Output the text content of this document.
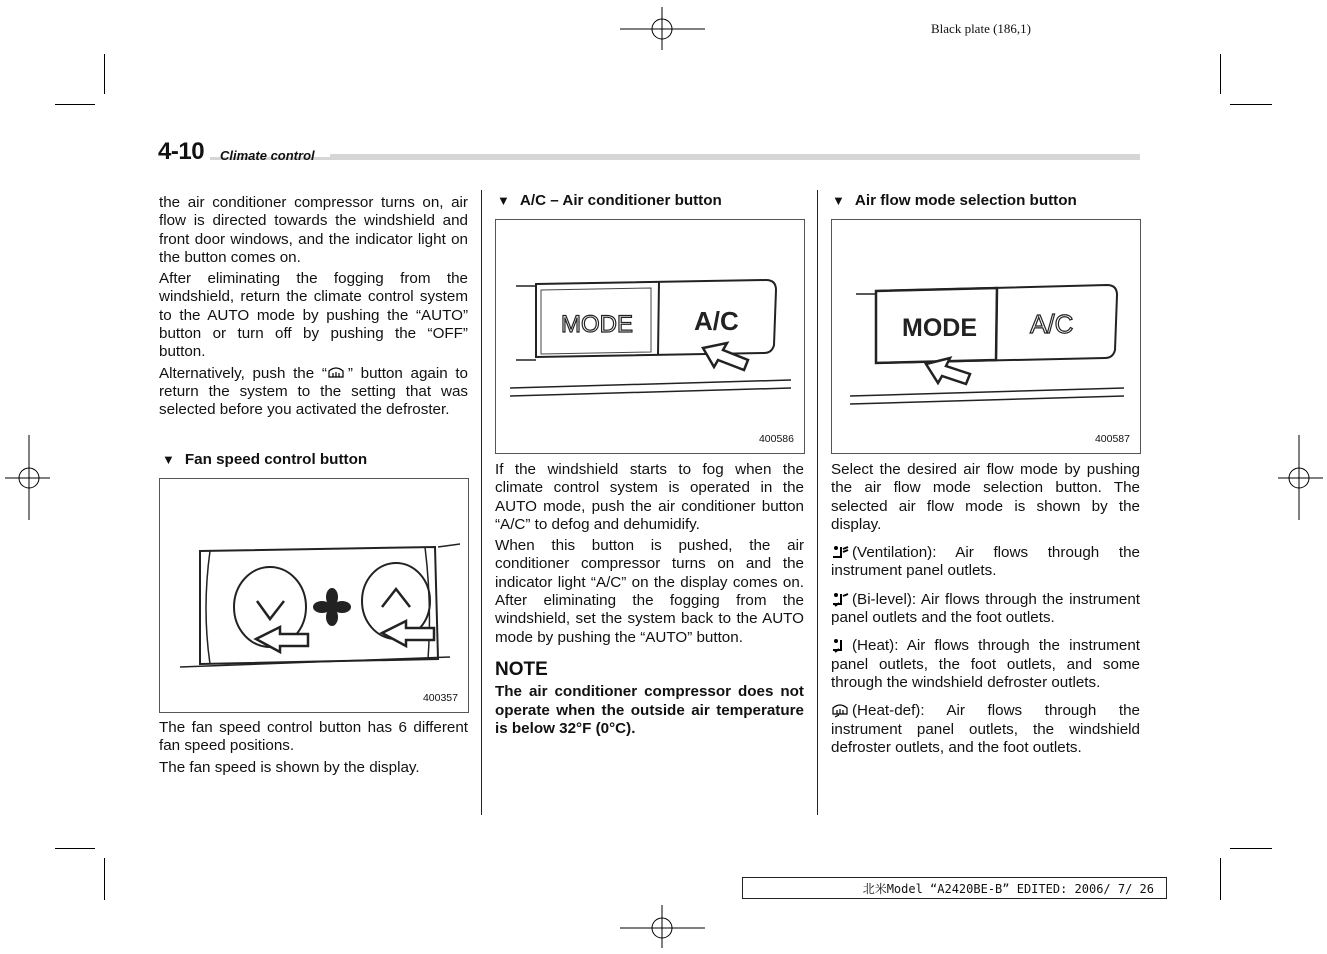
Black plate (186,1)
4-10 Climate control

the air conditioner compressor turns on, air flow is directed towards the windshield and front door windows, and the indicator light on the button comes on.

After eliminating the fogging from the windshield, return the climate control system to the AUTO mode by pushing the “AUTO” button or turn off by pushing the “OFF” button.

Alternatively, push the “ ” button again to return the system to the setting that was selected before you activated the defroster.

▼ Fan speed control button
400357

The fan speed control button has 6 different fan speed positions.

The fan speed is shown by the display.

▼ A/C – Air conditioner button
MODE A/C
400586

If the windshield starts to fog when the climate control system is operated in the AUTO mode, push the air conditioner button “A/C” to defog and dehumidify.

When this button is pushed, the air conditioner compressor turns on and the indicator light “A/C” on the display comes on. After eliminating the fogging from the windshield, set the system back to the AUTO mode by pushing the “AUTO” button.

NOTE

The air conditioner compressor does not operate when the outside air temperature is below 32°F (0°C).

▼ Air flow mode selection button
MODE A/C
400587

Select the desired air flow mode by pushing the air flow mode selection button. The selected air flow mode is shown by the display.

(Ventilation): Air flows through the instrument panel outlets.

(Bi-level): Air flows through the instrument panel outlets and the foot outlets.

(Heat): Air flows through the instrument panel outlets, the foot outlets, and some through the windshield defroster outlets.

(Heat-def): Air flows through the instrument panel outlets, the windshield defroster outlets, and the foot outlets.

北米Model “A2420BE-B” EDITED: 2006/ 7/ 26
